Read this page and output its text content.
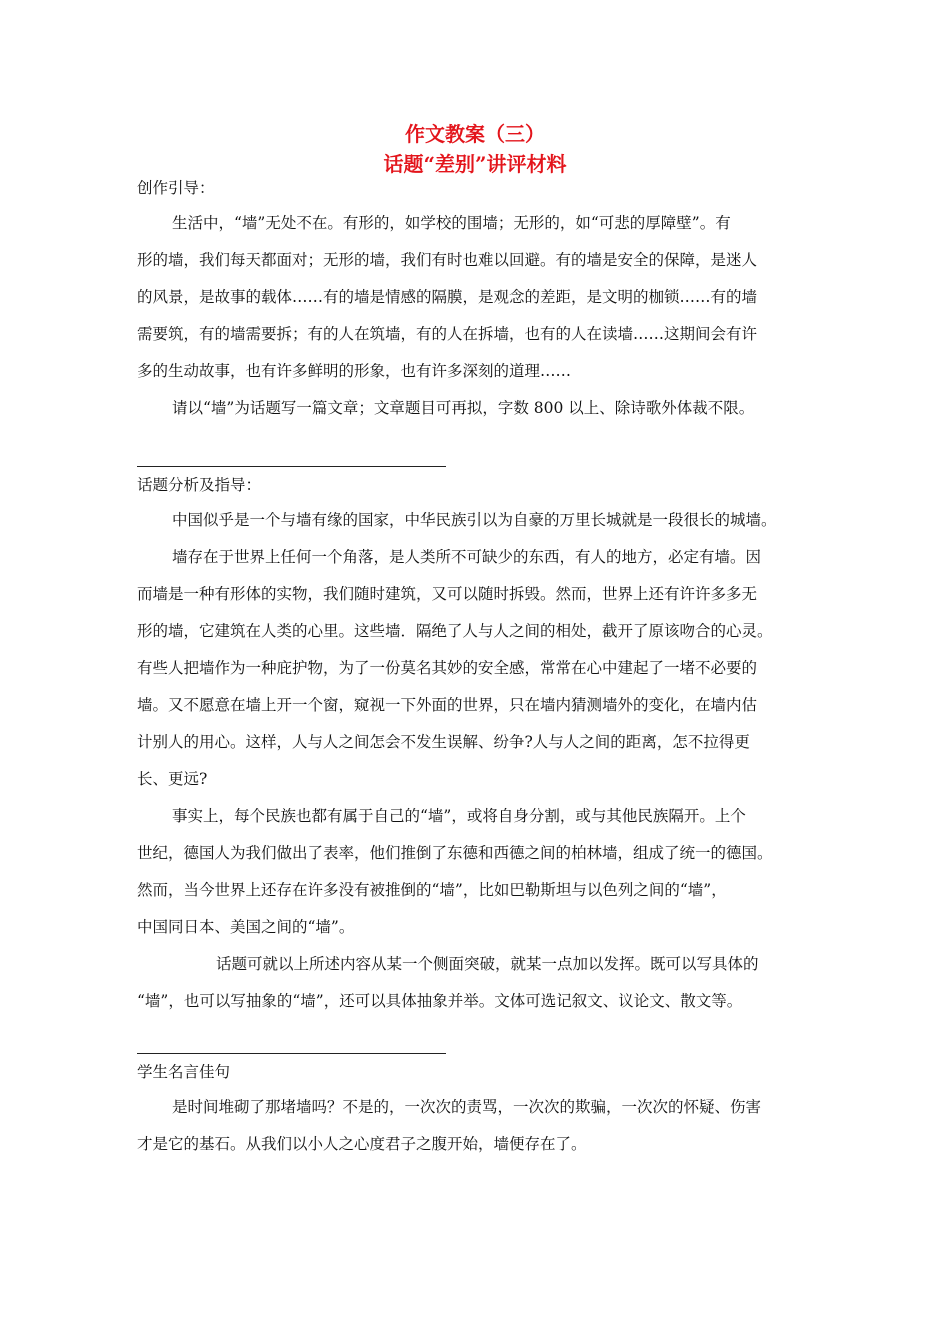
作文教案（三）
话题“差别”讲评材料

创作引导：

生活中，“墙”无处不在。有形的，如学校的围墙；无形的，如“可悲的厚障壁”。有

形的墙，我们每天都面对；无形的墙，我们有时也难以回避。有的墙是安全的保障，是迷人

的风景，是故事的载体……有的墙是情感的隔膜，是观念的差距，是文明的枷锁……有的墙

需要筑，有的墙需要拆；有的人在筑墙，有的人在拆墙，也有的人在读墙……这期间会有许

多的生动故事，也有许多鲜明的形象，也有许多深刻的道理……

请以“墙”为话题写一篇文章；文章题目可再拟，字数 800 以上、除诗歌外体裁不限。

话题分析及指导：

中国似乎是一个与墙有缘的国家，中华民族引以为自豪的万里长城就是一段很长的城墙。

墙存在于世界上任何一个角落，是人类所不可缺少的东西，有人的地方，必定有墙。因

而墙是一种有形体的实物，我们随时建筑，又可以随时拆毁。然而，世界上还有许许多多无

形的墙，它建筑在人类的心里。这些墙．隔绝了人与人之间的相处，截开了原该吻合的心灵。

有些人把墙作为一种庇护物，为了一份莫名其妙的安全感，常常在心中建起了一堵不必要的

墙。又不愿意在墙上开一个窗，窥视一下外面的世界，只在墙内猜测墙外的变化，在墙内估

计别人的用心。这样，人与人之间怎会不发生误解、纷争?人与人之间的距离，怎不拉得更

长、更远?

事实上，每个民族也都有属于自己的“墙”，或将自身分割，或与其他民族隔开。上个

世纪，德国人为我们做出了表率，他们推倒了东德和西德之间的柏林墙，组成了统一的德国。

然而，当今世界上还存在许多没有被推倒的“墙”，比如巴勒斯坦与以色列之间的“墙”，

中国同日本、美国之间的“墙”。

话题可就以上所述内容从某一个侧面突破，就某一点加以发挥。既可以写具体的

“墙”，也可以写抽象的“墙”，还可以具体抽象并举。文体可选记叙文、议论文、散文等。

学生名言佳句

是时间堆砌了那堵墙吗？不是的，一次次的责骂，一次次的欺骗，一次次的怀疑、伤害

才是它的基石。从我们以小人之心度君子之腹开始，墙便存在了。
